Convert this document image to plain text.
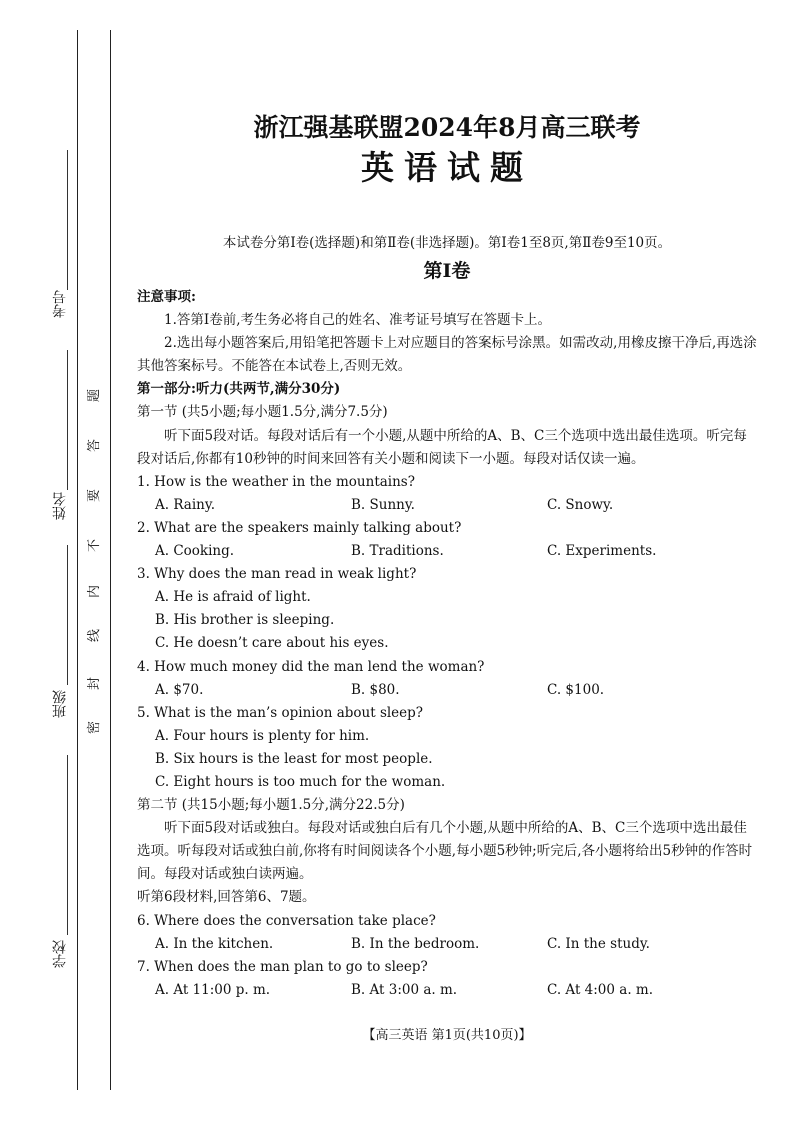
考号
姓名
班级
学校
题
答
要
不
内
线
封
密
浙江强基联盟2024年8月高三联考
英语试题
本试卷分第Ⅰ卷(选择题)和第Ⅱ卷(非选择题)。第Ⅰ卷1至8页,第Ⅱ卷9至10页。
第Ⅰ卷
注意事项:
1.答第Ⅰ卷前,考生务必将自己的姓名、准考证号填写在答题卡上。
2.选出每小题答案后,用铅笔把答题卡上对应题目的答案标号涂黑。如需改动,用橡皮擦干净后,再选涂其他答案标号。不能答在本试卷上,否则无效。
第一部分:听力(共两节,满分30分)
第一节 (共5小题;每小题1.5分,满分7.5分)
听下面5段对话。每段对话后有一个小题,从题中所给的A、B、C三个选项中选出最佳选项。听完每段对话后,你都有10秒钟的时间来回答有关小题和阅读下一小题。每段对话仅读一遍。
1. How is the weather in the mountains?
A. Rainy.	B. Sunny.	C. Snowy.
2. What are the speakers mainly talking about?
A. Cooking.	B. Traditions.	C. Experiments.
3. Why does the man read in weak light?
A. He is afraid of light.
B. His brother is sleeping.
C. He doesn’t care about his eyes.
4. How much money did the man lend the woman?
A. $70.	B. $80.	C. $100.
5. What is the man’s opinion about sleep?
A. Four hours is plenty for him.
B. Six hours is the least for most people.
C. Eight hours is too much for the woman.
第二节 (共15小题;每小题1.5分,满分22.5分)
听下面5段对话或独白。每段对话或独白后有几个小题,从题中所给的A、B、C三个选项中选出最佳选项。听每段对话或独白前,你将有时间阅读各个小题,每小题5秒钟;听完后,各小题将给出5秒钟的作答时间。每段对话或独白读两遍。
听第6段材料,回答第6、7题。
6. Where does the conversation take place?
A. In the kitchen.	B. In the bedroom.	C. In the study.
7. When does the man plan to go to sleep?
A. At 11:00 p. m.	B. At 3:00 a. m.	C. At 4:00 a. m.
【高三英语 第1页(共10页)】
